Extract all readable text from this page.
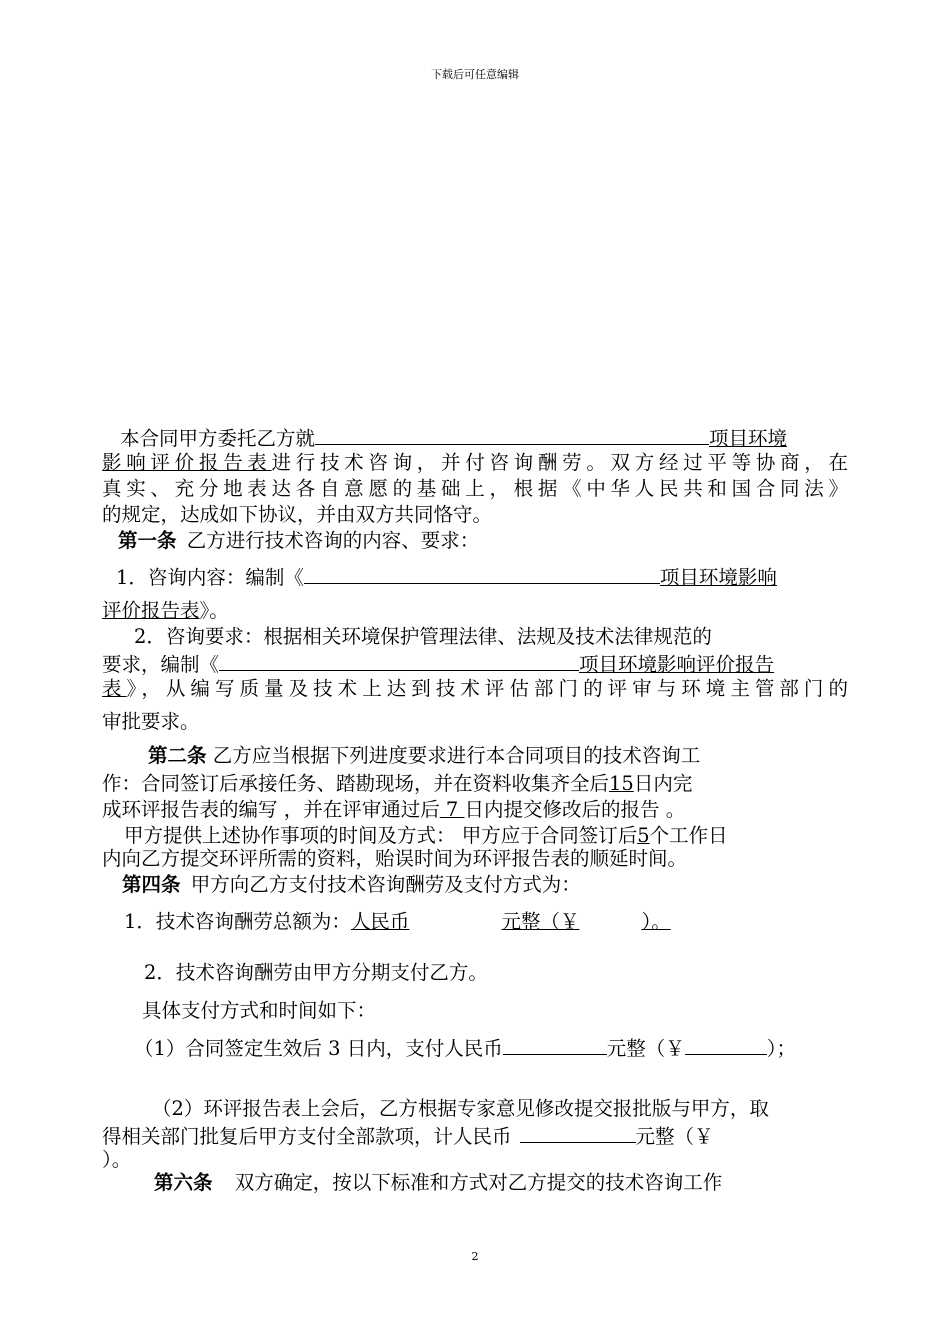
下载后可任意编辑
本合同甲方委托乙方就	项目环境
影响评价报告表进行技术咨询，并付咨询酬劳。双方经过平等协商，在
真实、充分地表达各自意愿的基础上，根据《中华人民共和国合同法》
的规定，达成如下协议，并由双方共同恪守。
第一条 乙方进行技术咨询的内容、要求：
1．咨询内容：编制《	项目环境影响
评价报告表》。
2．咨询要求：根据相关环境保护管理法律、法规及技术法律规范的
要求，编制《	项目环境影响评价报告
表》，从编写质量及技术上达到技术评估部门的评审与环境主管部门的
审批要求。
第二条 乙方应当根据下列进度要求进行本合同项目的技术咨询工
作：合同签订后承接任务、踏勘现场，并在资料收集齐全后15日内完
成环评报告表的编写 ，并在评审通过后 7 日内提交修改后的报告 。
甲方提供上述协作事项的时间及方式： 甲方应于合同签订后5个工作日
内向乙方提交环评所需的资料，贻误时间为环评报告表的顺延时间。
第四条 甲方向乙方支付技术咨询酬劳及支付方式为：
1．技术咨询酬劳总额为：人民币	元整（￥	）。
2．技术咨询酬劳由甲方分期支付乙方。
具体支付方式和时间如下：
（1）合同签定生效后 3 日内，支付人民币	元整（￥	）；
（2）环评报告表上会后，乙方根据专家意见修改提交报批版与甲方，取
得相关部门批复后甲方支付全部款项，计人民币	元整（￥
）。
第六条 双方确定，按以下标准和方式对乙方提交的技术咨询工作
2
